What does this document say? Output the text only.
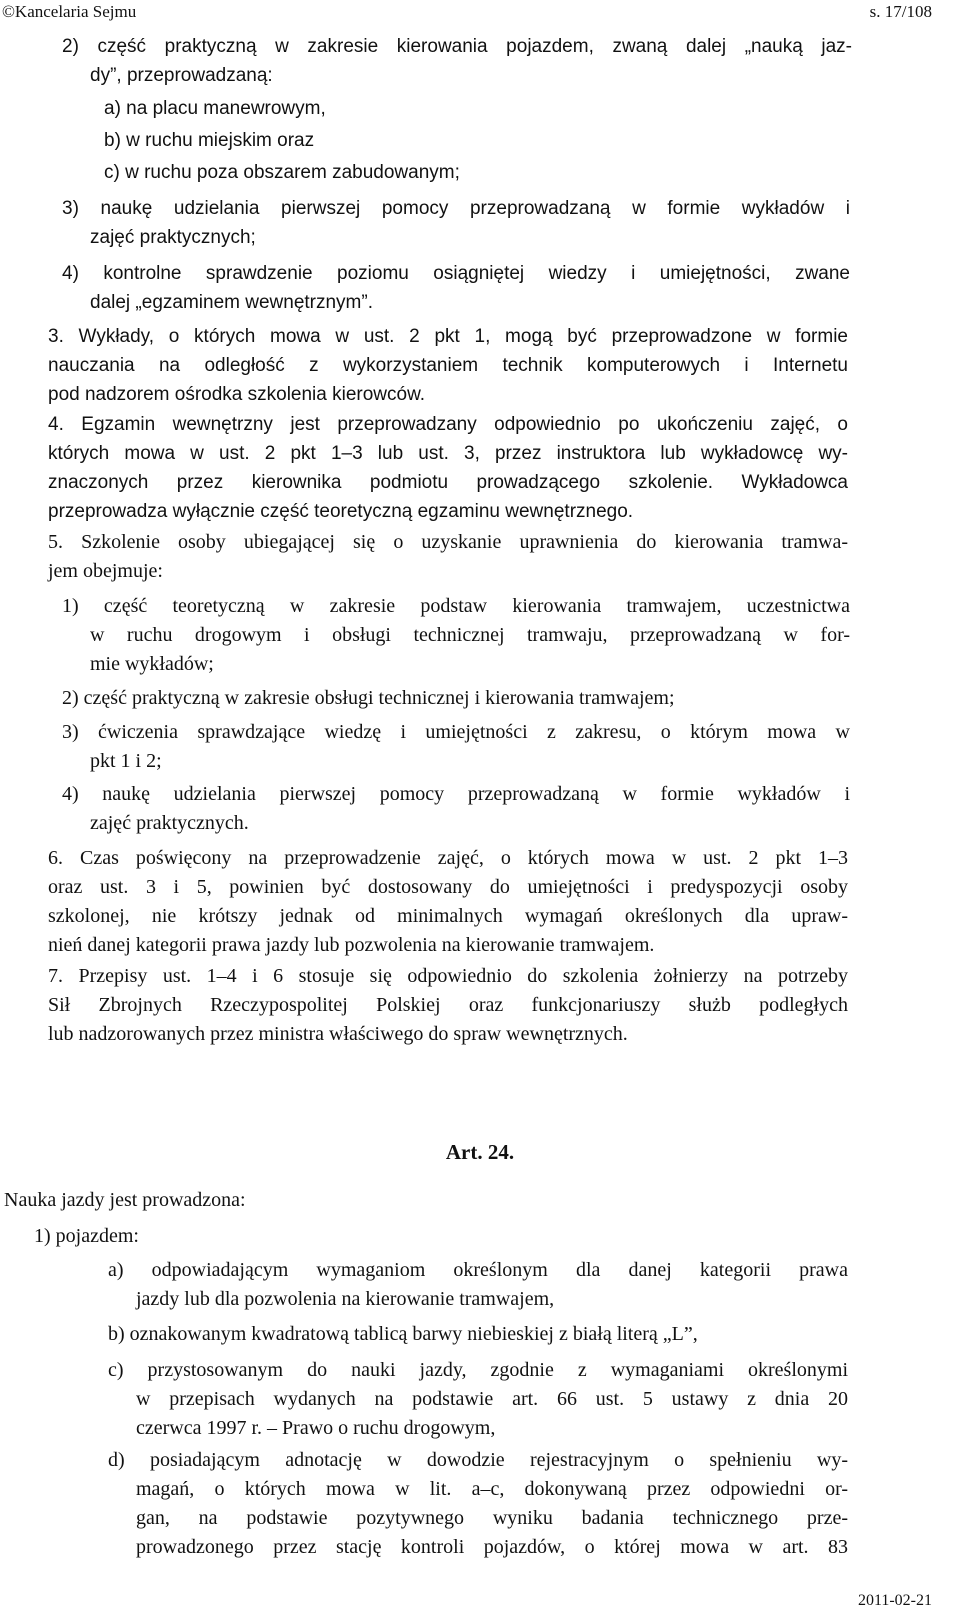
©Kancelaria Sejmu	s. 17/108
2) część praktyczną w zakresie kierowania pojazdem, zwaną dalej „nauką jaz-
dy”, przeprowadzaną:
a) na placu manewrowym,
b) w ruchu miejskim oraz
c) w ruchu poza obszarem zabudowanym;
3) naukę udzielania pierwszej pomocy przeprowadzaną w formie wykładów i
zajęć praktycznych;
4) kontrolne sprawdzenie poziomu osiągniętej wiedzy i umiejętności, zwane
dalej „egzaminem wewnętrznym”.
3. Wykłady, o których mowa w ust. 2 pkt 1, mogą być przeprowadzone w formie
nauczania na odległość z wykorzystaniem technik komputerowych i Internetu
pod nadzorem ośrodka szkolenia kierowców.
4. Egzamin wewnętrzny jest przeprowadzany odpowiednio po ukończeniu zajęć, o
których mowa w ust. 2 pkt 1–3 lub ust. 3, przez instruktora lub wykładowcę wy-
znaczonych przez kierownika podmiotu prowadzącego szkolenie. Wykładowca
przeprowadza wyłącznie część teoretyczną egzaminu wewnętrznego.
5. Szkolenie osoby ubiegającej się o uzyskanie uprawnienia do kierowania tramwa-
jem obejmuje:
1) część teoretyczną w zakresie podstaw kierowania tramwajem, uczestnictwa
w ruchu drogowym i obsługi technicznej tramwaju, przeprowadzaną w for-
mie wykładów;
2) część praktyczną w zakresie obsługi technicznej i kierowania tramwajem;
3) ćwiczenia sprawdzające wiedzę i umiejętności z zakresu, o którym mowa w
pkt 1 i 2;
4) naukę udzielania pierwszej pomocy przeprowadzaną w formie wykładów i
zajęć praktycznych.
6. Czas poświęcony na przeprowadzenie zajęć, o których mowa w ust. 2 pkt 1–3
oraz ust. 3 i 5, powinien być dostosowany do umiejętności i predyspozycji osoby
szkolonej, nie krótszy jednak od minimalnych wymagań określonych dla upraw-
nień danej kategorii prawa jazdy lub pozwolenia na kierowanie tramwajem.
7. Przepisy ust. 1–4 i 6 stosuje się odpowiednio do szkolenia żołnierzy na potrzeby
Sił Zbrojnych Rzeczypospolitej Polskiej oraz funkcjonariuszy służb podległych
lub nadzorowanych przez ministra właściwego do spraw wewnętrznych.
Art. 24.
Nauka jazdy jest prowadzona:
1) pojazdem:
a) odpowiadającym wymaganiom określonym dla danej kategorii prawa
jazdy lub dla pozwolenia na kierowanie tramwajem,
b) oznakowanym kwadratową tablicą barwy niebieskiej z białą literą „L”,
c) przystosowanym do nauki jazdy, zgodnie z wymaganiami określonymi
w przepisach wydanych na podstawie art. 66 ust. 5 ustawy z dnia 20
czerwca 1997 r. – Prawo o ruchu drogowym,
d) posiadającym adnotację w dowodzie rejestracyjnym o spełnieniu wy-
magań, o których mowa w lit. a–c, dokonywaną przez odpowiedni or-
gan, na podstawie pozytywnego wyniku badania technicznego prze-
prowadzonego przez stację kontroli pojazdów, o której mowa w art. 83
2011-02-21
